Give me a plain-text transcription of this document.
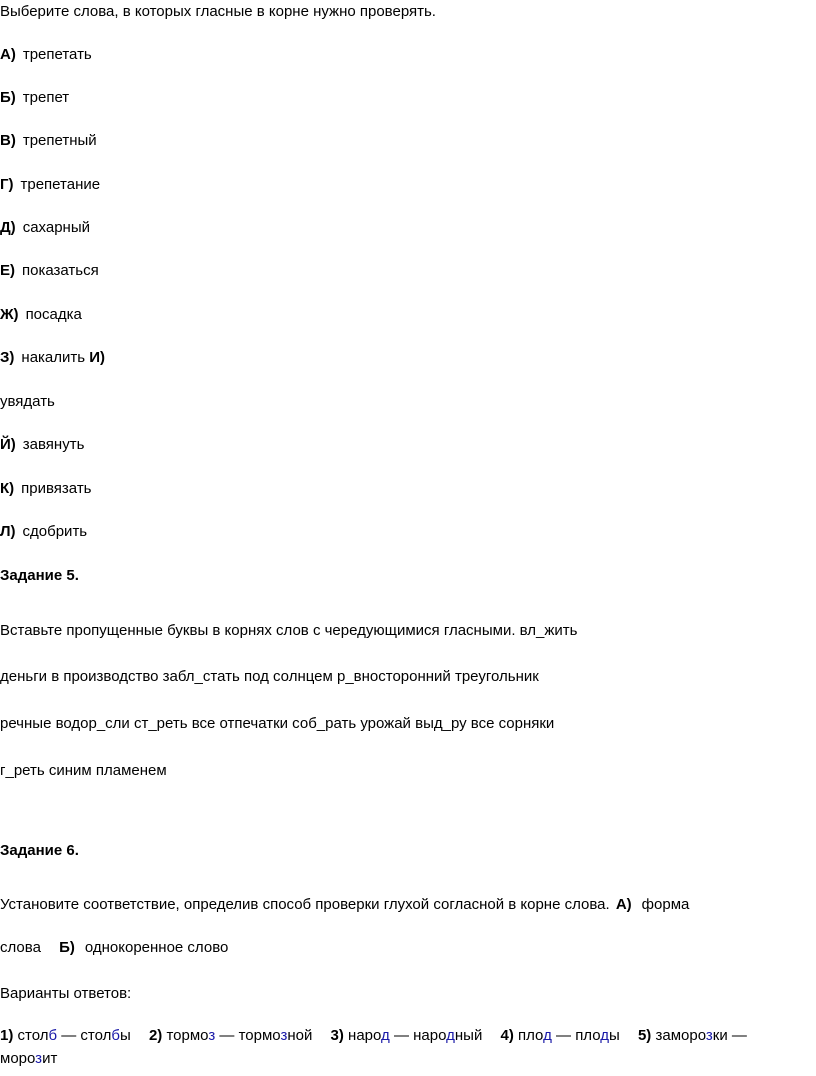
Выберите слова, в которых гласные в корне нужно проверять.
А) трепетать
Б) трепет
В) трепетный
Г) трепетание
Д) сахарный
Е) показаться
Ж) посадка
З) накалить И)
увядать
Й) завянуть
К) привязать
Л) сдобрить
Задание 5.
Вставьте пропущенные буквы в корнях слов с чередующимися гласными. вл_жить
деньги в производство забл_стать под солнцем р_вносторонний треугольник
речные водор_сли ст_реть все отпечатки соб_рать урожай выд_ру все сорняки
г_реть синим пламенем
Задание 6.
Установите соответствие, определив способ проверки глухой согласной в корне слова. А) форма
слова Б) однокоренное слово
Варианты ответов:
1) столб — столбы 2) тормоз — тормозной 3) народ — народный 4) плод — плоды 5) заморозки —
морозит
